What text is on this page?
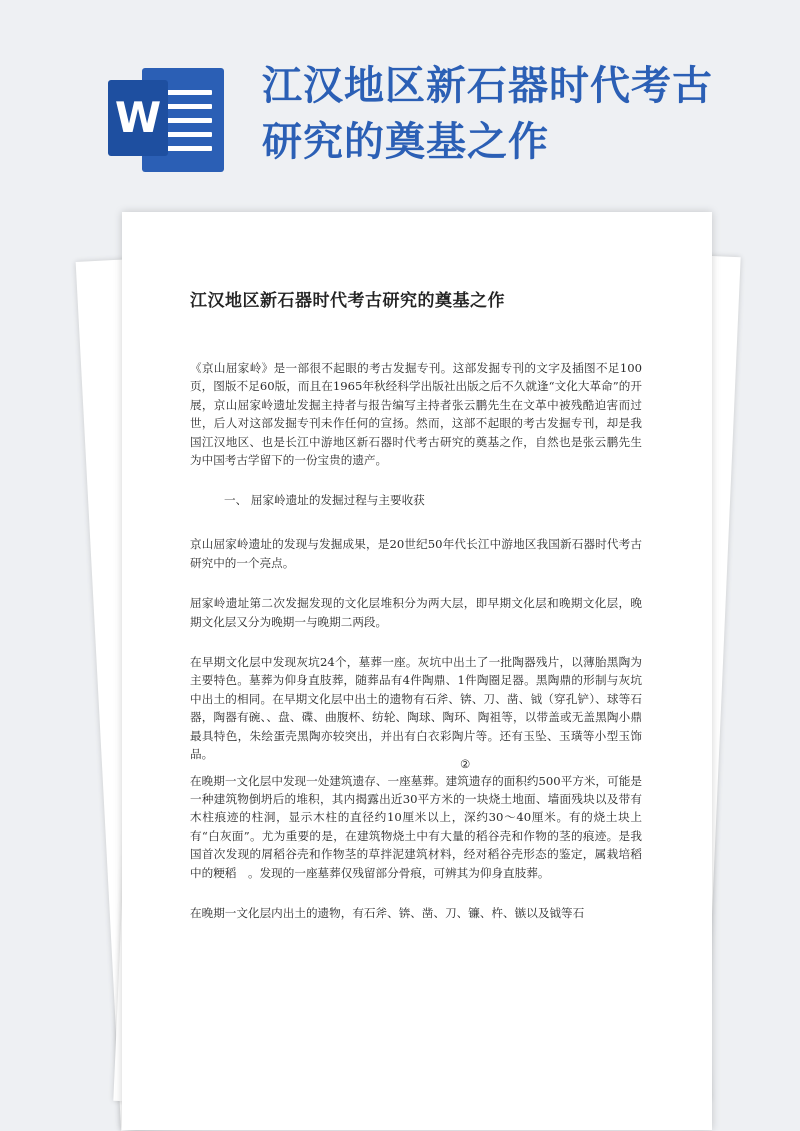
W
江汉地区新石器时代考古研究的奠基之作
江汉地区新石器时代考古研究的奠基之作

《京山屈家岭》是一部很不起眼的考古发掘专刊。这部发掘专刊的文字及插图不足100页，图版不足60版，而且在1965年秋经科学出版社出版之后不久就逢“文化大革命”的开展，京山屈家岭遗址发掘主持者与报告编写主持者张云鹏先生在文革中被残酷迫害而过世，后人对这部发掘专刊未作任何的宣扬。然而，这部不起眼的考古发掘专刊，却是我国江汉地区、也是长江中游地区新石器时代考古研究的奠基之作，自然也是张云鹏先生为中国考古学留下的一份宝贵的遗产。

一、 屈家岭遗址的发掘过程与主要收获

京山屈家岭遗址的发现与发掘成果，是20世纪50年代长江中游地区我国新石器时代考古研究中的一个亮点。

屈家岭遗址第二次发掘发现的文化层堆积分为两大层，即早期文化层和晚期文化层，晚期文化层又分为晚期一与晚期二两段。

在早期文化层中发现灰坑24个，墓葬一座。灰坑中出土了一批陶器残片，以薄胎黑陶为主要特色。墓葬为仰身直肢葬，随葬品有4件陶鼎、1件陶圈足器。黑陶鼎的形制与灰坑中出土的相同。在早期文化层中出土的遗物有石斧、锛、刀、凿、钺（穿孔铲）、球等石器，陶器有碗、、盘、碟、曲腹杯、纺轮、陶球、陶环、陶祖等，以带盖或无盖黑陶小鼎最具特色，朱绘蛋壳黑陶亦较突出，并出有白衣彩陶片等。还有玉坠、玉璜等小型玉饰品。

②

在晚期一文化层中发现一处建筑遗存、一座墓葬。建筑遗存的面积约500平方米，可能是一种建筑物倒坍后的堆积，其内揭露出近30平方米的一块烧土地面、墙面残块以及带有木柱痕迹的柱洞，显示木柱的直径约10厘米以上，深约30～40厘米。有的烧土块上有“白灰面”。尤为重要的是，在建筑物烧土中有大量的稻谷壳和作物的茎的痕迹。是我国首次发现的屑稻谷壳和作物茎的草拌泥建筑材料，经对稻谷壳形态的鉴定，属栽培稻中的粳稻　。发现的一座墓葬仅残留部分骨痕，可辨其为仰身直肢葬。

在晚期一文化层内出土的遗物，有石斧、锛、凿、刀、镰、杵、镞以及钺等石
